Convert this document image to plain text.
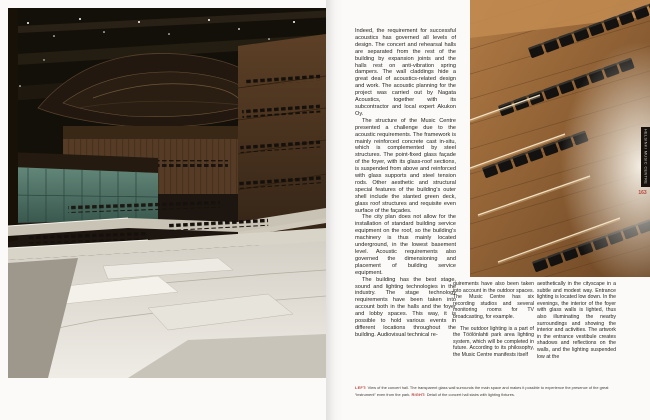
Indeed, the requirement for successful acoustics has governed all levels of design. The concert and rehearsal halls are separated from the rest of the building by expansion joints and the halls rest on anti-vibration spring dampers. The wall claddings hide a great deal of acoustics-related design and work. The acoustic planning for the project was carried out by Nagata Acoustics, together with its subcontractor and local expert Akukon Oy.

The structure of the Music Centre presented a challenge due to the acoustic requirements. The framework is mainly reinforced concrete cast in-situ, which is complemented by steel structures. The point-fixed glass façade of the foyer, with its glass-roof sections, is suspended from above and reinforced with glass supports and steel tension rods. Other aesthetic and structural special features of the building's outer shell include the slanted green deck, glass roof structures and requisite even surface of the façades.

The city plan does not allow for the installation of standard building service equipment on the roof, so the building's machinery is thus mainly located underground, in the lowest basement level. Acoustic requirements also governed the dimensioning and placement of building service equipment.

The building has the best stage, sound and lighting technologies in the industry. The stage technology requirements have been taken into account both in the halls and the foyer and lobby spaces. This way, it is possible to hold various events in different locations throughout the building. Audiovisual technical re-

quirements have also been taken into account in the outdoor spaces. The Music Centre has six recording studios and several monitoring rooms for TV broadcasting, for example.

The outdoor lighting is a part of the Töölönlahti park area lighting system, which will be completed in future. According to its philosophy, the Music Centre manifests itself

aesthetically in the cityscape in a subtle and modest way. Entrance lighting is located low down. In the evenings, the interior of the foyer with glass walls is lighted, thus also illuminating the nearby surroundings and showing the interior and activities. The artwork in the entrance vestibule creates shadows and reflections on the walls, and the lighting suspended low at the

LEFT: View of the concert hall. The transparent glass wall surrounds the main space and makes it possible to experience the presence of the great “instrument” even from the park. RIGHT: Detail of the concert hall stairs with lighting fixtures.
HELSINKI MUSIC CENTRE
163
